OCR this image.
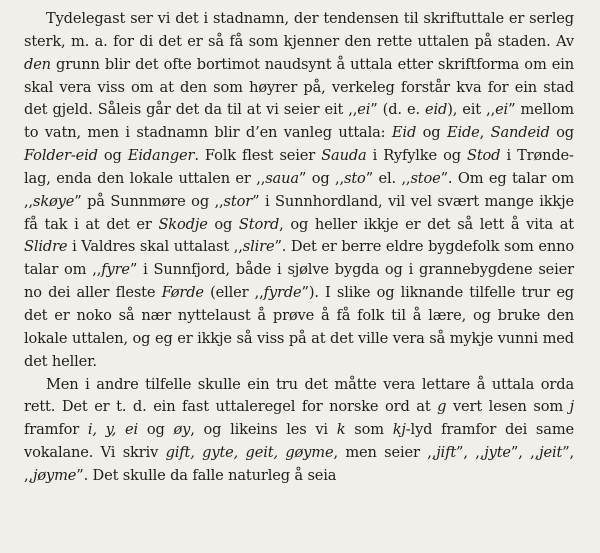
Tydelegast ser vi det i stadnamn, der tendensen til skriftuttale er serleg sterk, m. a. for di det er så få som kjenner den rette uttalen på staden. Av den grunn blir det ofte bortimot naudsynt å uttala etter skriftforma om ein skal vera viss om at den som høyrer på, verkeleg forstår kva for ein stad det gjeld. Såleis går det da til at vi seier eit ,,ei” (d. e. eid), eit ,,ei” mellom to vatn, men i stadnamn blir d’en vanleg uttala: Eid og Eide, Sandeid og Folder-eid og Eidanger. Folk flest seier Sauda i Ryfylke og Stod i Trøndelag, enda den lokale uttalen er ,,saua” og ,,sto” el. ,,stoe”. Om eg talar om ,,skøye” på Sunnmøre og ,,stor” i Sunnhordland, vil vel svært mange ikkje få tak i at det er Skodje og Stord, og heller ikkje er det så lett å vita at Slidre i Valdres skal uttalast ,,slire”. Det er berre eldre bygdefolk som enno talar om ,,fyre” i Sunnfjord, både i sjølve bygda og i grannebygdene seier no dei aller fleste Førde (eller ,,fyrde”). I slike og liknande tilfelle trur eg det er noko så nær nyttelaust å prøve å få folk til å lære, og bruke den lokale uttalen, og eg er ikkje så viss på at det ville vera så mykje vunni med det heller.

Men i andre tilfelle skulle ein tru det måtte vera lettare å uttala orda rett. Det er t. d. ein fast uttaleregel for norske ord at g vert lesen som j framfor i, y, ei og øy, og likeins les vi k som kj-lyd framfor dei same vokalane. Vi skriv gift, gyte, geit, gøyme, men seier ,,jift”, ,,jyte”, ,,jeit”, ,,jøyme”. Det skulle da falle naturleg å seia
